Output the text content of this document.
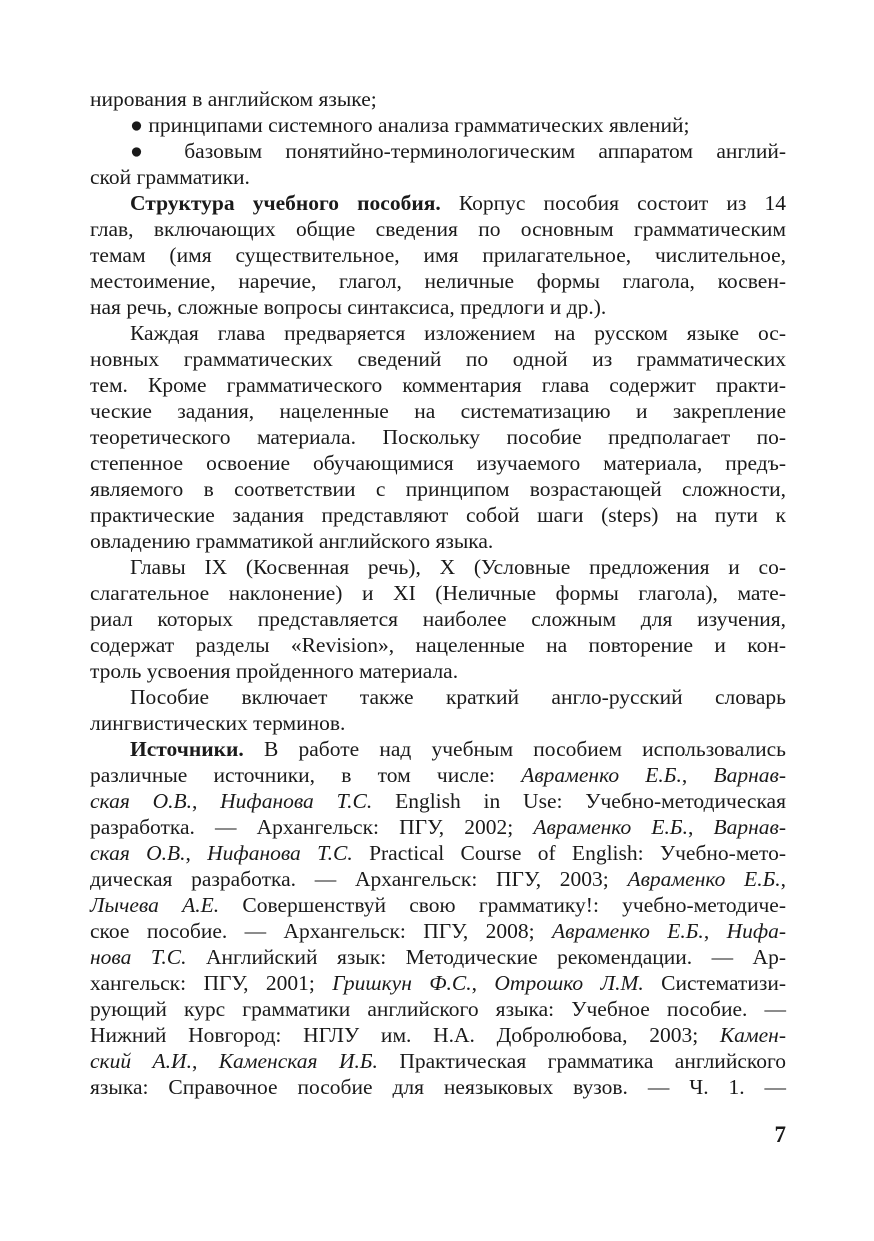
нирования в английском языке;
● принципами системного анализа грамматических явлений;
● базовым понятийно-терминологическим аппаратом англий-
ской грамматики.
Структура учебного пособия. Корпус пособия состоит из 14
глав, включающих общие сведения по основным грамматическим
темам (имя существительное, имя прилагательное, числительное,
местоимение, наречие, глагол, неличные формы глагола, косвен-
ная речь, сложные вопросы синтаксиса, предлоги и др.).
Каждая глава предваряется изложением на русском языке ос-
новных грамматических сведений по одной из грамматических
тем. Кроме грамматического комментария глава содержит практи-
ческие задания, нацеленные на систематизацию и закрепление
теоретического материала. Поскольку пособие предполагает по-
степенное освоение обучающимися изучаемого материала, предъ-
являемого в соответствии с принципом возрастающей сложности,
практические задания представляют собой шаги (steps) на пути к
овладению грамматикой английского языка.
Главы IX (Косвенная речь), X (Условные предложения и со-
слагательное наклонение) и XI (Неличные формы глагола), мате-
риал которых представляется наиболее сложным для изучения,
содержат разделы «Revision», нацеленные на повторение и кон-
троль усвоения пройденного материала.
Пособие включает также краткий англо-русский словарь
лингвистических терминов.
Источники. В работе над учебным пособием использовались
различные источники, в том числе: Авраменко Е.Б., Варнав-
ская О.В., Нифанова Т.С. English in Use: Учебно-методическая
разработка. — Архангельск: ПГУ, 2002; Авраменко Е.Б., Варнав-
ская О.В., Нифанова Т.С. Practical Course of English: Учебно-мето-
дическая разработка. — Архангельск: ПГУ, 2003; Авраменко Е.Б.,
Лычева А.Е. Совершенствуй свою грамматику!: учебно-методиче-
ское пособие. — Архангельск: ПГУ, 2008; Авраменко Е.Б., Нифа-
нова Т.С. Английский язык: Методические рекомендации. — Ар-
хангельск: ПГУ, 2001; Гришкун Ф.С., Отрошко Л.М. Систематизи-
рующий курс грамматики английского языка: Учебное пособие. —
Нижний Новгород: НГЛУ им. Н.А. Добролюбова, 2003; Камен-
ский А.И., Каменская И.Б. Практическая грамматика английского
языка: Справочное пособие для неязыковых вузов. — Ч. 1. —
7
